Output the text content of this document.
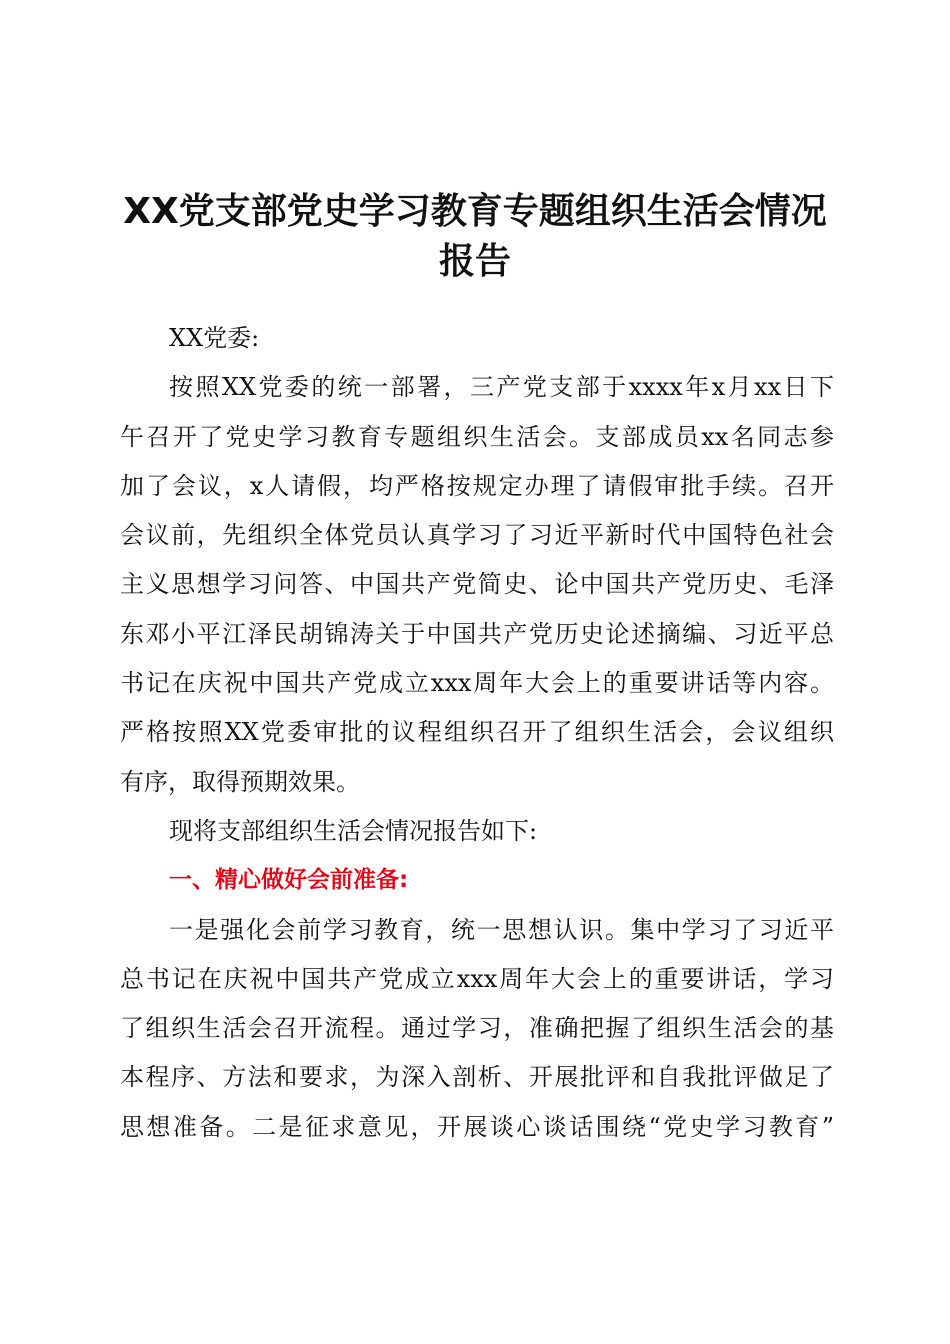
XX党支部党史学习教育专题组织生活会情况
报告
XX党委:
按照XX党委的统一部署，三产党支部于xxxx年x月xx日下
午召开了党史学习教育专题组织生活会。支部成员xx名同志参
加了会议，x人请假，均严格按规定办理了请假审批手续。召开
会议前，先组织全体党员认真学习了习近平新时代中国特色社会
主义思想学习问答、中国共产党简史、论中国共产党历史、毛泽
东邓小平江泽民胡锦涛关于中国共产党历史论述摘编、习近平总
书记在庆祝中国共产党成立xxx周年大会上的重要讲话等内容。
严格按照XX党委审批的议程组织召开了组织生活会，会议组织
有序，取得预期效果。
现将支部组织生活会情况报告如下:
一、精心做好会前准备:
一是强化会前学习教育，统一思想认识。集中学习了习近平
总书记在庆祝中国共产党成立xxx周年大会上的重要讲话，学习
了组织生活会召开流程。通过学习，准确把握了组织生活会的基
本程序、方法和要求，为深入剖析、开展批评和自我批评做足了
思想准备。二是征求意见，开展谈心谈话围绕“党史学习教育”
